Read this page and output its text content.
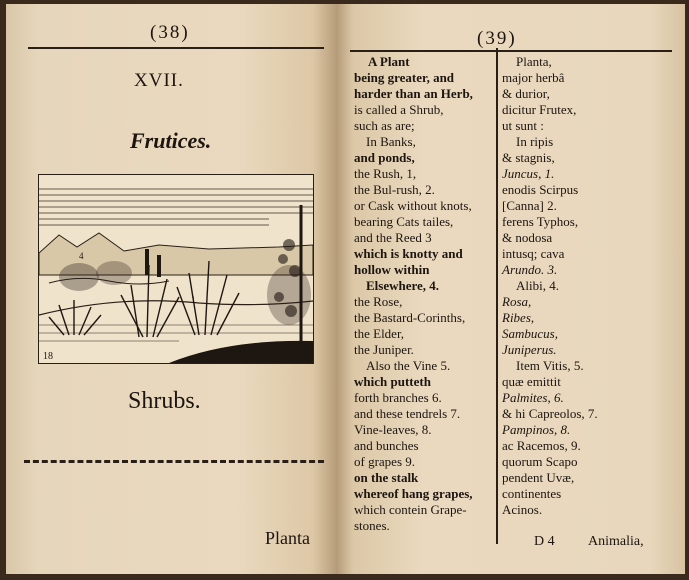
(38)
XVII.
Frutices.
4
1
18
Shrubs.
Planta
(39)
A Plant
being greater, and
harder than an Herb,
is called a Shrub,
such as are;
In Banks,
and ponds,
the Rush, 1,
the Bul-rush, 2.
or Cask without knots,
bearing Cats tailes,
and the Reed 3
which is knotty and
hollow within
Elsewhere, 4.
the Rose,
the Bastard-Corinths,
the Elder,
the Juniper.
Also the Vine 5.
which putteth
forth branches 6.
and these tendrels 7.
Vine-leaves, 8.
and bunches
of grapes 9.
on the stalk
whereof hang grapes,
which contein Grape-
stones.
Planta,
major herbâ
& durior,
dicitur Frutex,
ut sunt :
In ripis
& stagnis,
Juncus, 1.
enodis Scirpus
[Canna] 2.
ferens Typhos,
& nodosa
intusq; cava
Arundo. 3.
Alibi, 4.
Rosa,
Ribes,
Sambucus,
Juniperus.
Item Vitis, 5.
quæ emittit
Palmites, 6.
& hi Capreolos, 7.
Pampinos, 8.
ac Racemos, 9.
quorum Scapo
pendent Uvæ,
continentes
Acinos.
D 4 Animalia,
